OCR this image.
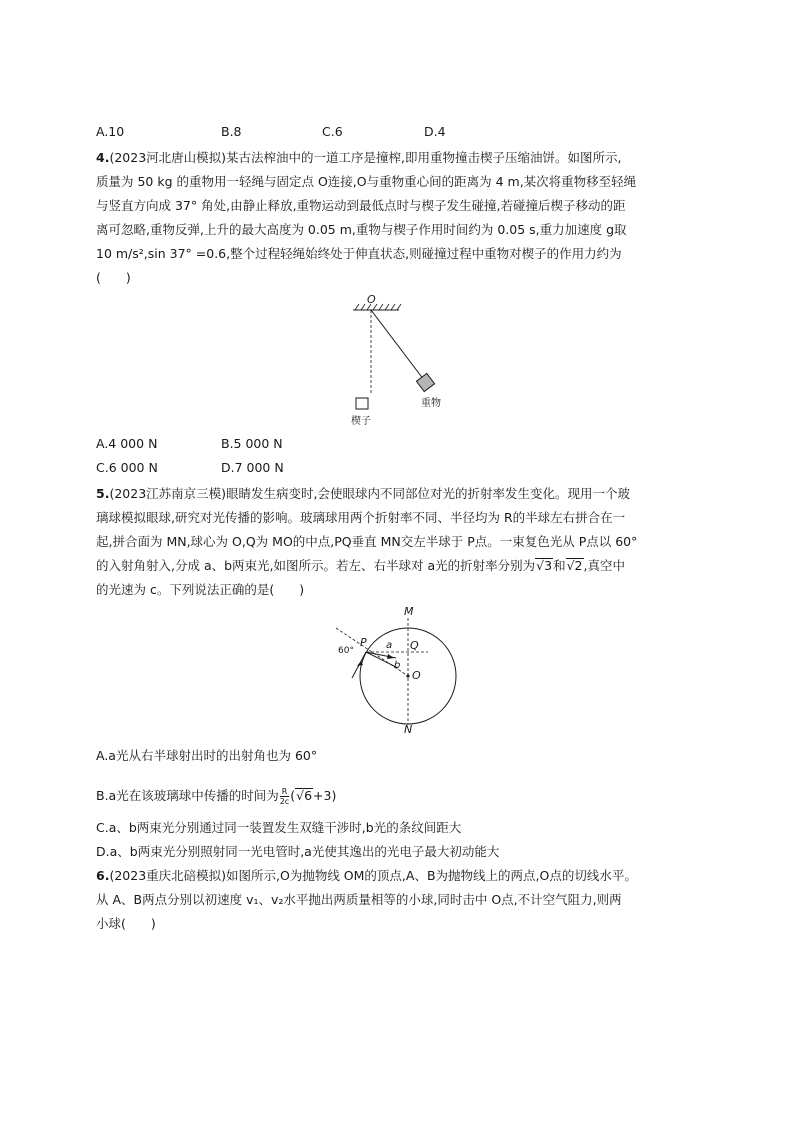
A.10	B.8	C.6	D.4
4.(2023河北唐山模拟)某古法榨油中的一道工序是撞榨,即用重物撞击楔子压缩油饼。如图所示,
质量为 50 kg 的重物用一轻绳与固定点 O连接,O与重物重心间的距离为 4 m,某次将重物移至轻绳
与竖直方向成 37° 角处,由静止释放,重物运动到最低点时与楔子发生碰撞,若碰撞后楔子移动的距
离可忽略,重物反弹,上升的最大高度为 0.05 m,重物与楔子作用时间约为 0.05 s,重力加速度 g取
10 m/s²,sin 37° =0.6,整个过程轻绳始终处于伸直状态,则碰撞过程中重物对楔子的作用力约为
(　　)
O
重物
楔子
A.4 000 N	B.5 000 N
C.6 000 N	D.7 000 N
5.(2023江苏南京三模)眼睛发生病变时,会使眼球内不同部位对光的折射率发生变化。现用一个玻
璃球模拟眼球,研究对光传播的影响。玻璃球用两个折射率不同、半径均为 R的半球左右拼合在一
起,拼合面为 MN,球心为 O,Q为 MO的中点,PQ垂直 MN交左半球于 P点。一束复色光从 P点以 60°
的入射角射入,分成 a、b两束光,如图所示。若左、右半球对 a光的折射率分别为√3和√2,真空中
的光速为 c。下列说法正确的是(　　)
M
N
O
P	Q
a
b
60°
A.a光从右半球射出时的出射角也为 60°
B.a光在该玻璃球中传播的时间为 $\frac{R}{2c} (√6+3)$
C.a、b两束光分别通过同一装置发生双缝干涉时,b光的条纹间距大
D.a、b两束光分别照射同一光电管时,a光使其逸出的光电子最大初动能大
6.(2023重庆北碚模拟)如图所示,O为抛物线 OM的顶点,A、B为抛物线上的两点,O点的切线水平。
从 A、B两点分别以初速度 v₁、v₂水平抛出两质量相等的小球,同时击中 O点,不计空气阻力,则两
小球(　　)
